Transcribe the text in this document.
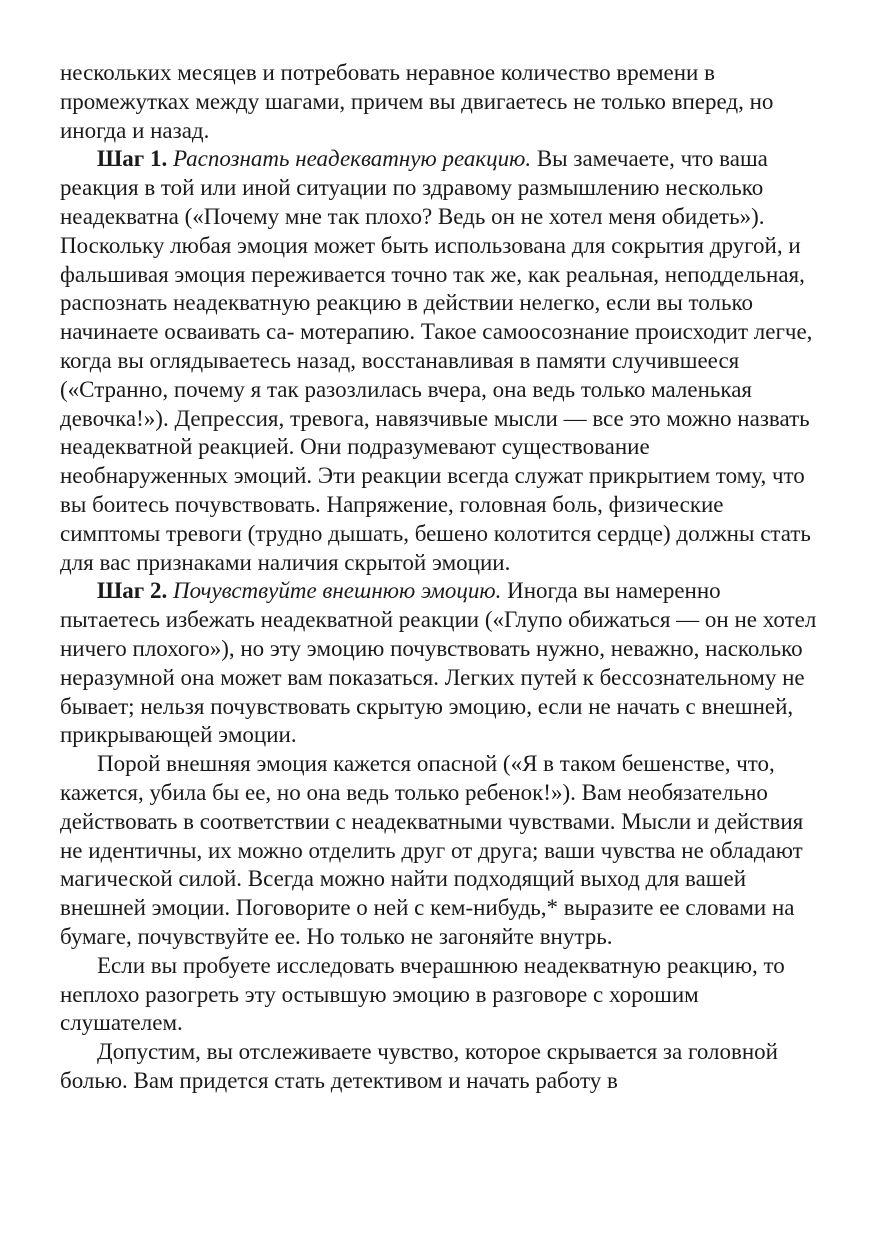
нескольких месяцев и потребовать неравное количество времени в промежутках между шагами, причем вы двигаетесь не только вперед, но иногда и назад.

Шаг 1. Распознать неадекватную реакцию. Вы замечаете, что ваша реакция в той или иной ситуации по здравому размышлению несколько неадекватна («Почему мне так плохо? Ведь он не хотел меня обидеть»). Поскольку любая эмоция может быть использована для сокрытия другой, и фальшивая эмоция переживается точно так же, как реальная, неподдельная, распознать неадекватную реакцию в действии нелегко, если вы только начинаете осваивать са- мотерапию. Такое самоосознание происходит легче, когда вы оглядываетесь назад, восстанавливая в памяти случившееся («Странно, почему я так разозлилась вчера, она ведь только маленькая девочка!»). Депрессия, тревога, навязчивые мысли — все это можно назвать неадекватной реакцией. Они подразумевают существование необнаруженных эмоций. Эти реакции всегда служат прикрытием тому, что вы боитесь почувствовать. Напряжение, головная боль, физические симптомы тревоги (трудно дышать, бешено колотится сердце) должны стать для вас признаками наличия скрытой эмоции.

Шаг 2. Почувствуйте внешнюю эмоцию. Иногда вы намеренно пытаетесь избежать неадекватной реакции («Глупо обижаться — он не хотел ничего плохого»), но эту эмоцию почувствовать нужно, неважно, насколько неразумной она может вам показаться. Легких путей к бессознательному не бывает; нельзя почувствовать скрытую эмоцию, если не начать с внешней, прикрывающей эмоции.

Порой внешняя эмоция кажется опасной («Я в таком бешенстве, что, кажется, убила бы ее, но она ведь только ребенок!»). Вам необязательно действовать в соответствии с неадекватными чувствами. Мысли и действия не идентичны, их можно отделить друг от друга; ваши чувства не обладают магической силой. Всегда можно найти подходящий выход для вашей внешней эмоции. Поговорите о ней с кем-нибудь,* выразите ее словами на бумаге, почувствуйте ее. Но только не загоняйте внутрь.

Если вы пробуете исследовать вчерашнюю неадекватную реакцию, то неплохо разогреть эту остывшую эмоцию в разговоре с хорошим слушателем.

Допустим, вы отслеживаете чувство, которое скрывается за головной болью. Вам придется стать детективом и начать работу в
